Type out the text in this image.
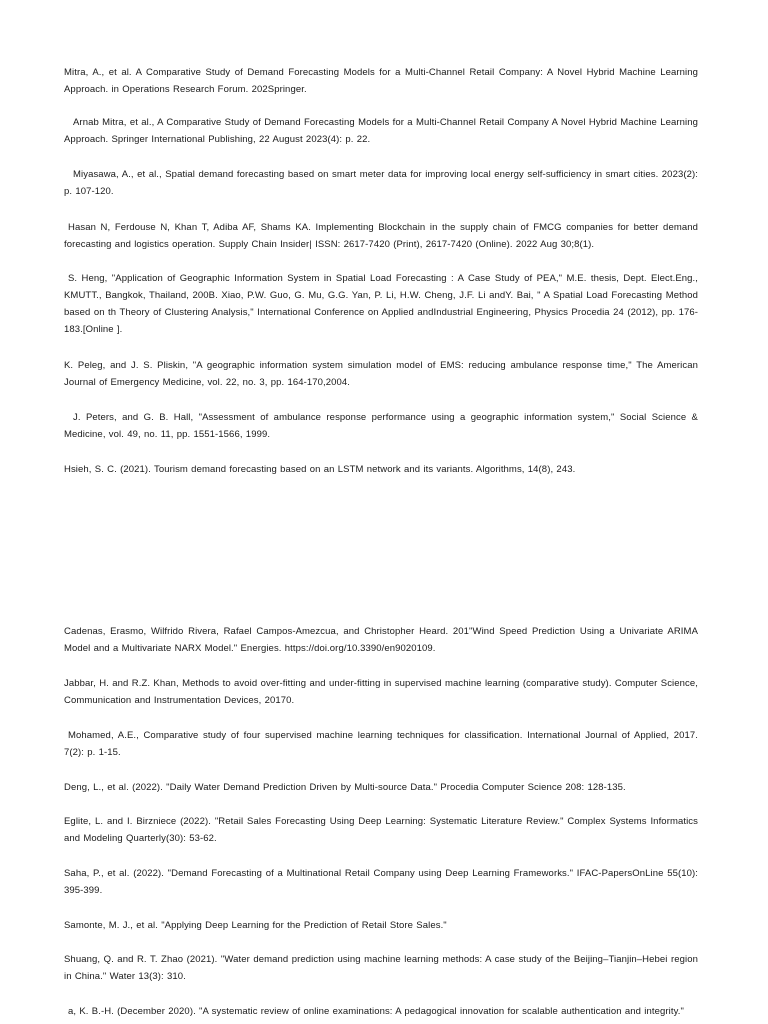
Mitra, A., et al. A Comparative Study of Demand Forecasting Models for a Multi-Channel Retail Company: A Novel Hybrid Machine Learning Approach. in Operations Research Forum. 202Springer.

Arnab Mitra, et al., A Comparative Study of Demand Forecasting Models for a Multi-Channel Retail Company A Novel Hybrid Machine Learning Approach. Springer International Publishing, 22 August 2023(4): p. 22.

Miyasawa, A., et al., Spatial demand forecasting based on smart meter data for improving local energy self-sufficiency in smart cities. 2023(2): p. 107-120.

Hasan N, Ferdouse N, Khan T, Adiba AF, Shams KA. Implementing Blockchain in the supply chain of FMCG companies for better demand forecasting and logistics operation. Supply Chain Insider| ISSN: 2617-7420 (Print), 2617-7420 (Online). 2022 Aug 30;8(1).

S. Heng, "Application of Geographic Information System in Spatial Load Forecasting : A Case Study of PEA," M.E. thesis, Dept. Elect.Eng., KMUTT., Bangkok, Thailand, 200B. Xiao, P.W. Guo, G. Mu, G.G. Yan, P. Li, H.W. Cheng, J.F. Li andY. Bai, " A Spatial Load Forecasting Method based on th Theory of Clustering Analysis," International Conference on Applied andIndustrial Engineering, Physics Procedia 24 (2012), pp. 176-183.[Online ].

K. Peleg, and J. S. Pliskin, "A geographic information system simulation model of EMS: reducing ambulance response time," The American Journal of Emergency Medicine, vol. 22, no. 3, pp. 164-170,2004.

J. Peters, and G. B. Hall, "Assessment of ambulance response performance using a geographic information system," Social Science & Medicine, vol. 49, no. 11, pp. 1551-1566, 1999.

Hsieh, S. C. (2021). Tourism demand forecasting based on an LSTM network and its variants. Algorithms, 14(8), 243.

Cadenas, Erasmo, Wilfrido Rivera, Rafael Campos-Amezcua, and Christopher Heard. 201"Wind Speed Prediction Using a Univariate ARIMA Model and a Multivariate NARX Model." Energies. https://doi.org/10.3390/en9020109.

Jabbar, H. and R.Z. Khan, Methods to avoid over-fitting and under-fitting in supervised machine learning (comparative study). Computer Science, Communication and Instrumentation Devices, 20170.

Mohamed, A.E., Comparative study of four supervised machine learning techniques for classification. International Journal of Applied, 2017. 7(2): p. 1-15.

Deng, L., et al. (2022). "Daily Water Demand Prediction Driven by Multi-source Data." Procedia Computer Science 208: 128-135.

Eglite, L. and I. Birzniece (2022). "Retail Sales Forecasting Using Deep Learning: Systematic Literature Review." Complex Systems Informatics and Modeling Quarterly(30): 53-62.

Saha, P., et al. (2022). "Demand Forecasting of a Multinational Retail Company using Deep Learning Frameworks." IFAC-PapersOnLine 55(10): 395-399.

Samonte, M. J., et al. "Applying Deep Learning for the Prediction of Retail Store Sales."

Shuang, Q. and R. T. Zhao (2021). "Water demand prediction using machine learning methods: A case study of the Beijing–Tianjin–Hebei region in China." Water 13(3): 310.

a, K. B.-H. (December 2020). "A systematic review of online examinations: A pedagogical innovation for scalable authentication and integrity."
